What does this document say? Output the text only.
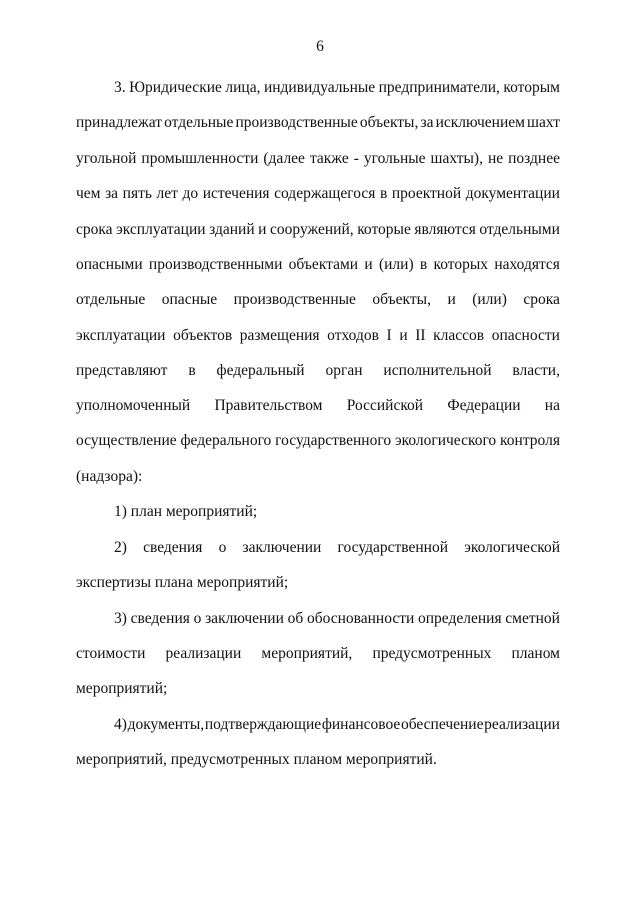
6
3. Юридические лица, индивидуальные предприниматели, которым
принадлежат отдельные производственные объекты, за исключением шахт
угольной промышленности (далее также - угольные шахты), не позднее
чем за пять лет до истечения содержащегося в проектной документации
срока эксплуатации зданий и сооружений, которые являются отдельными
опасными производственными объектами и (или) в которых находятся
отдельные опасные производственные объекты, и (или) срока
эксплуатации объектов размещения отходов I и II классов опасности
представляют в федеральный орган исполнительной власти,
уполномоченный Правительством Российской Федерации на
осуществление федерального государственного экологического контроля
(надзора):
1) план мероприятий;
2) сведения о заключении государственной экологической
экспертизы плана мероприятий;
3) сведения о заключении об обоснованности определения сметной
стоимости реализации мероприятий, предусмотренных планом
мероприятий;
4) документы, подтверждающие финансовое обеспечение реализации
мероприятий, предусмотренных планом мероприятий.
